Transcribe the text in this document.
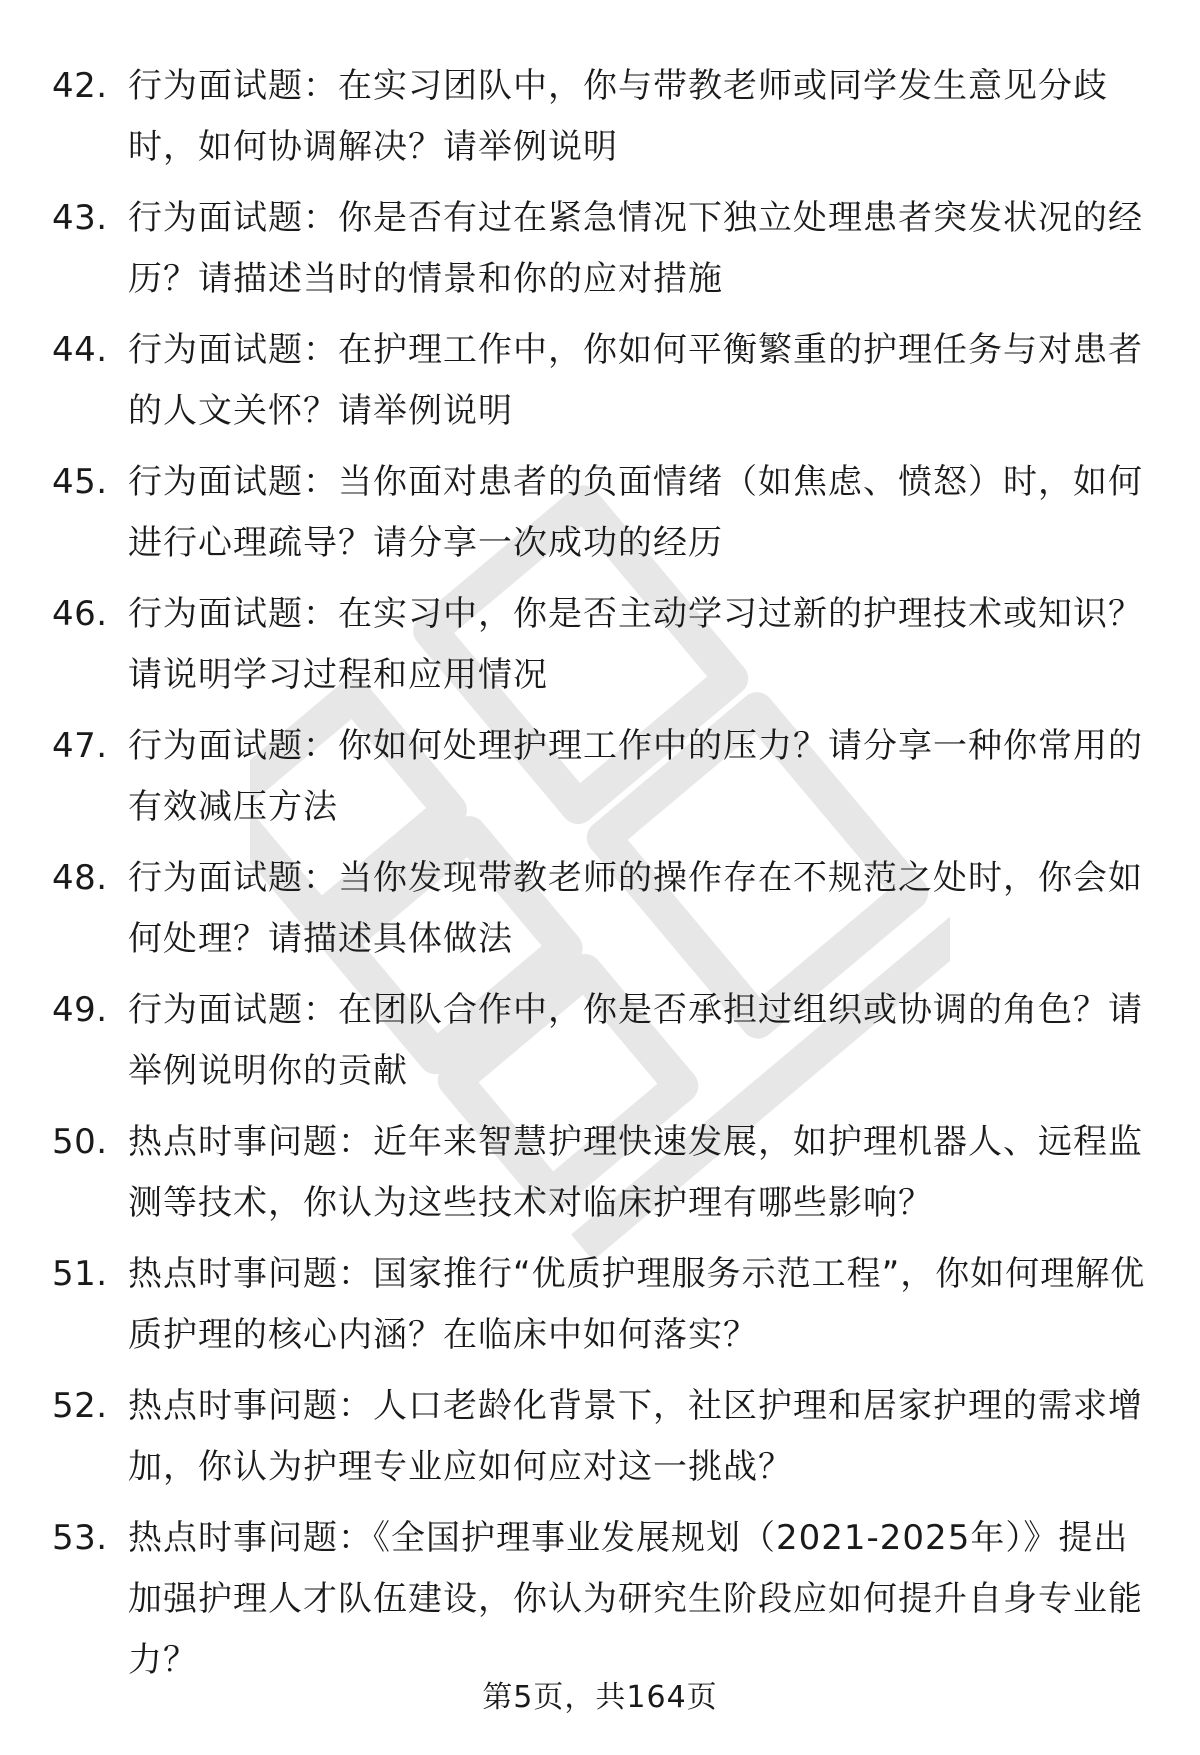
42. 行为面试题：在实习团队中，你与带教老师或同学发生意见分歧时，如何协调解决？请举例说明
43. 行为面试题：你是否有过在紧急情况下独立处理患者突发状况的经历？请描述当时的情景和你的应对措施
44. 行为面试题：在护理工作中，你如何平衡繁重的护理任务与对患者的人文关怀？请举例说明
45. 行为面试题：当你面对患者的负面情绪（如焦虑、愤怒）时，如何进行心理疏导？请分享一次成功的经历
46. 行为面试题：在实习中，你是否主动学习过新的护理技术或知识？请说明学习过程和应用情况
47. 行为面试题：你如何处理护理工作中的压力？请分享一种你常用的有效减压方法
48. 行为面试题：当你发现带教老师的操作存在不规范之处时，你会如何处理？请描述具体做法
49. 行为面试题：在团队合作中，你是否承担过组织或协调的角色？请举例说明你的贡献
50. 热点时事问题：近年来智慧护理快速发展，如护理机器人、远程监测等技术，你认为这些技术对临床护理有哪些影响？
51. 热点时事问题：国家推行“优质护理服务示范工程”，你如何理解优质护理的核心内涵？在临床中如何落实？
52. 热点时事问题：人口老龄化背景下，社区护理和居家护理的需求增加，你认为护理专业应如何应对这一挑战？
53. 热点时事问题：《全国护理事业发展规划（2021-2025年）》提出加强护理人才队伍建设，你认为研究生阶段应如何提升自身专业能力？
第5页，共164页
